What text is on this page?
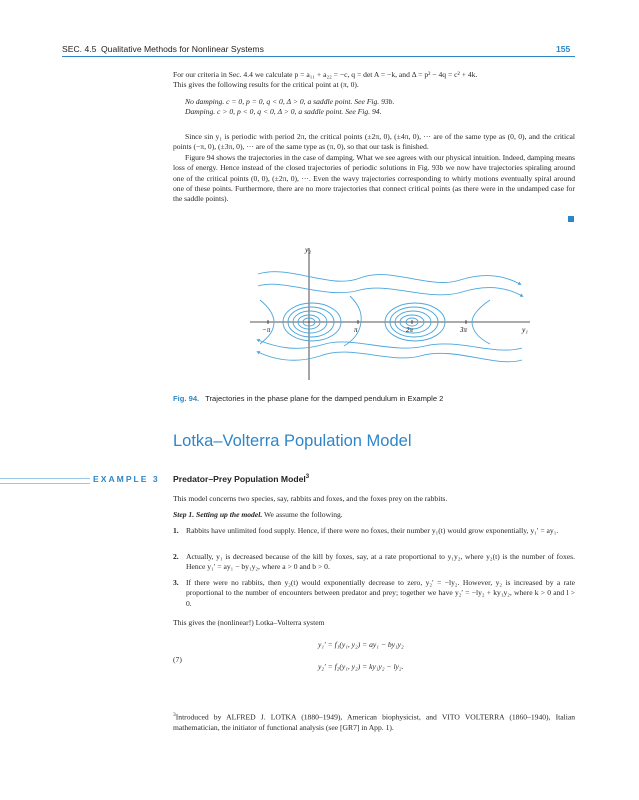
SEC. 4.5 Qualitative Methods for Nonlinear Systems	155

For our criteria in Sec. 4.4 we calculate p = a₁₁ + a₂₂ = −c, q = det A = −k, and Δ = p² − 4q = c² + 4k.

This gives the following results for the critical point at (π, 0).

No damping. c = 0, p = 0, q < 0, Δ > 0, a saddle point. See Fig. 93b.

Damping. c > 0, p < 0, q < 0, Δ > 0, a saddle point. See Fig. 94.

Since sin y₁ is periodic with period 2π, the critical points (±2π, 0), (±4π, 0), ··· are of the same type as (0, 0), and the critical points (−π, 0), (±3π, 0), ··· are of the same type as (π, 0), so that our task is finished.

Figure 94 shows the trajectories in the case of damping. What we see agrees with our physical intuition. Indeed, damping means loss of energy. Hence instead of the closed trajectories of periodic solutions in Fig. 93b we now have trajectories spiraling around one of the critical points (0, 0), (±2π, 0), ···. Even the wavy trajectories corresponding to whirly motions eventually spiral around one of these points. Furthermore, there are no more trajectories that connect critical points (as there were in the undamped case for the saddle points).

y₂
y₁
−π	π	2π	3π
Fig. 94. Trajectories in the phase plane for the damped pendulum in Example 2
Lotka–Volterra Population Model
EXAMPLE 3	Predator–Prey Population Model$^3$
This model concerns two species, say, rabbits and foxes, and the foxes prey on the rabbits.
Step 1. Setting up the model. We assume the following.
1. Rabbits have unlimited food supply. Hence, if there were no foxes, their number y₁(t) would grow exponentially, y₁′ = ay₁.
2. Actually, y₁ is decreased because of the kill by foxes, say, at a rate proportional to y₁y₂, where y₂(t) is the number of foxes. Hence y₁′ = ay₁ − by₁y₂, where a > 0 and b > 0.
3. If there were no rabbits, then y₂(t) would exponentially decrease to zero, y₂′ = −ly₂. However, y₂ is increased by a rate proportional to the number of encounters between predator and prey; together we have y₂′ = −ly₂ + ky₁y₂, where k > 0 and l > 0.
This gives the (nonlinear!) Lotka–Volterra system
(7)
y₁′ = f₁(y₁, y₂) = ay₁ − by₁y₂
y₂′ = f₂(y₁, y₂) = ky₁y₂ − ly₂.
$^3$Introduced by ALFRED J. LOTKA (1880–1949), American biophysicist, and VITO VOLTERRA (1860–1940), Italian mathematician, the initiator of functional analysis (see [GR7] in App. 1).
